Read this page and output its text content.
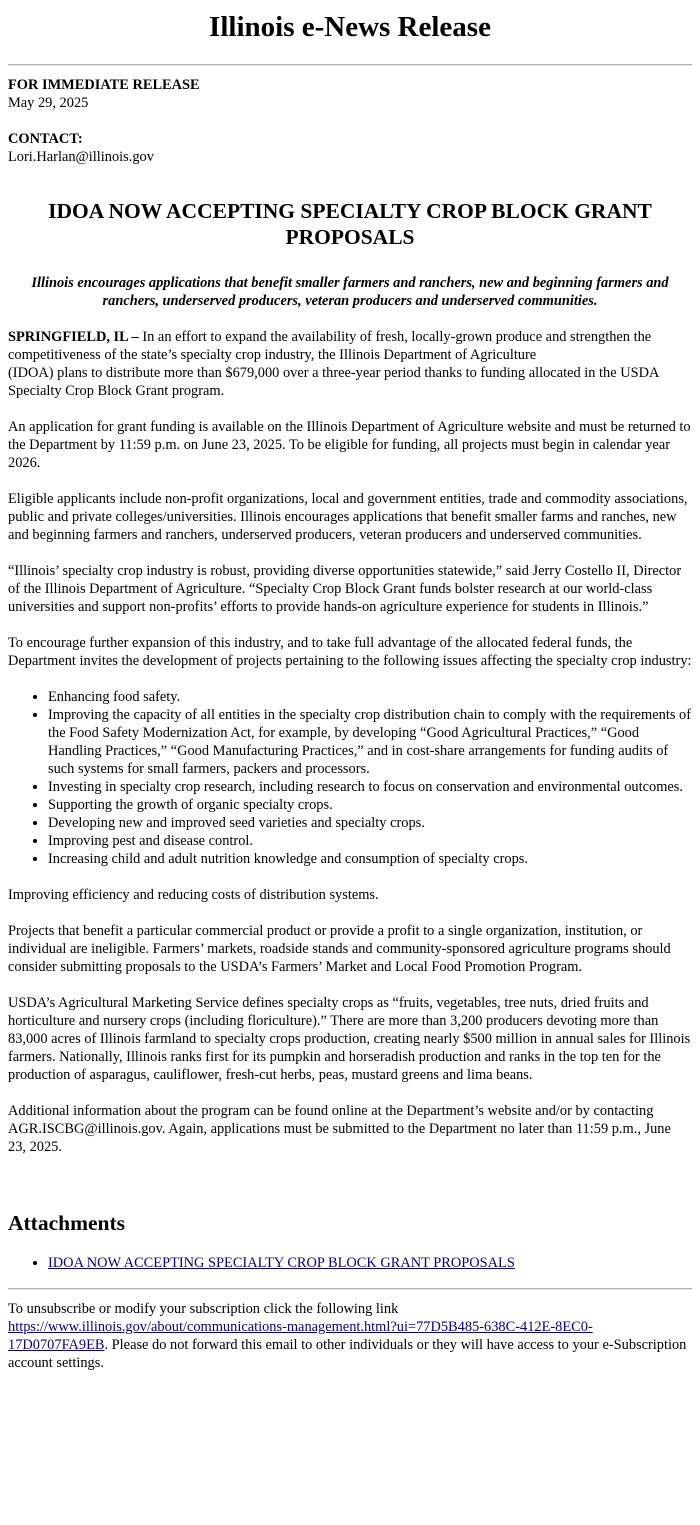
Illinois e-News Release
FOR IMMEDIATE RELEASE
May 29, 2025
CONTACT:
Lori.Harlan@illinois.gov
IDOA NOW ACCEPTING SPECIALTY CROP BLOCK GRANT PROPOSALS
Illinois encourages applications that benefit smaller farmers and ranchers, new and beginning farmers and ranchers, underserved producers, veteran producers and underserved communities.

SPRINGFIELD, IL – In an effort to expand the availability of fresh, locally-grown produce and strengthen the competitiveness of the state’s specialty crop industry, the Illinois Department of Agriculture
(IDOA) plans to distribute more than $679,000 over a three-year period thanks to funding allocated in the USDA Specialty Crop Block Grant program.

An application for grant funding is available on the Illinois Department of Agriculture website and must be returned to the Department by 11:59 p.m. on June 23, 2025. To be eligible for funding, all projects must begin in calendar year 2026.

Eligible applicants include non-profit organizations, local and government entities, trade and commodity associations, public and private colleges/universities. Illinois encourages applications that benefit smaller farms and ranches, new and beginning farmers and ranchers, underserved producers, veteran producers and underserved communities.

“Illinois’ specialty crop industry is robust, providing diverse opportunities statewide,” said Jerry Costello II, Director of the Illinois Department of Agriculture. “Specialty Crop Block Grant funds bolster research at our world-class universities and support non-profits’ efforts to provide hands-on agriculture experience for students in Illinois.”

To encourage further expansion of this industry, and to take full advantage of the allocated federal funds, the Department invites the development of projects pertaining to the following issues affecting the specialty crop industry:

• Enhancing food safety.
• Improving the capacity of all entities in the specialty crop distribution chain to comply with the requirements of the Food Safety Modernization Act, for example, by developing “Good Agricultural Practices,” “Good Handling Practices,” “Good Manufacturing Practices,” and in cost-share arrangements for funding audits of such systems for small farmers, packers and processors.
• Investing in specialty crop research, including research to focus on conservation and environmental outcomes.
• Supporting the growth of organic specialty crops.
• Developing new and improved seed varieties and specialty crops.
• Improving pest and disease control.
• Increasing child and adult nutrition knowledge and consumption of specialty crops.

Improving efficiency and reducing costs of distribution systems.

Projects that benefit a particular commercial product or provide a profit to a single organization, institution, or individual are ineligible. Farmers’ markets, roadside stands and community-sponsored agriculture programs should consider submitting proposals to the USDA’s Farmers’ Market and Local Food Promotion Program.

USDA’s Agricultural Marketing Service defines specialty crops as “fruits, vegetables, tree nuts, dried fruits and horticulture and nursery crops (including floriculture).” There are more than 3,200 producers devoting more than 83,000 acres of Illinois farmland to specialty crops production, creating nearly $500 million in annual sales for Illinois farmers. Nationally, Illinois ranks first for its pumpkin and horseradish production and ranks in the top ten for the production of asparagus, cauliflower, fresh-cut herbs, peas, mustard greens and lima beans.

Additional information about the program can be found online at the Department’s website and/or by contacting AGR.ISCBG@illinois.gov. Again, applications must be submitted to the Department no later than 11:59 p.m., June 23, 2025.

Attachments
• IDOA NOW ACCEPTING SPECIALTY CROP BLOCK GRANT PROPOSALS
To unsubscribe or modify your subscription click the following link
https://www.illinois.gov/about/communications-management.html?ui=77D5B485-638C-412E-8EC0-17D0707FA9EB. Please do not forward this email to other individuals or they will have access to your e-Subscription account settings.
